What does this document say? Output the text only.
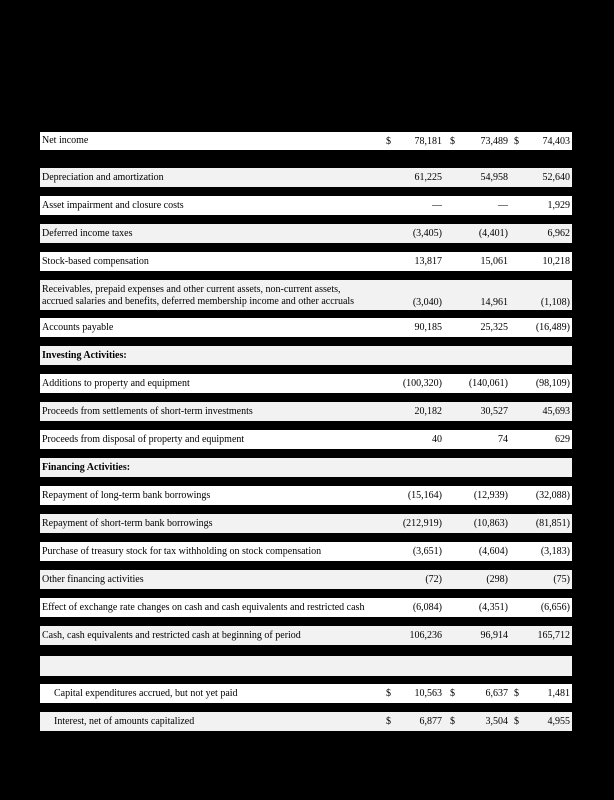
Net income	$	78,181 $	73,489 $	74,403
Depreciation and amortization	61,225	54,958	52,640
Asset impairment and closure costs	—	—	1,929
Deferred income taxes	(3,405)	(4,401)	6,962
Stock-based compensation	13,817	15,061	10,218
Receivables, prepaid expenses and other current assets, non-current assets,
accrued salaries and benefits, deferred membership income and other accruals	(3,040)	14,961	(1,108)
Accounts payable	90,185	25,325	(16,489)
Investing Activities:
Additions to property and equipment	(100,320)	(140,061)	(98,109)
Proceeds from settlements of short-term investments	20,182	30,527	45,693
Proceeds from disposal of property and equipment	40	74	629
Financing Activities:
Repayment of long-term bank borrowings	(15,164)	(12,939)	(32,088)
Repayment of short-term bank borrowings	(212,919)	(10,863)	(81,851)
Purchase of treasury stock for tax withholding on stock compensation	(3,651)	(4,604)	(3,183)
Other financing activities	(72)	(298)	(75)
Effect of exchange rate changes on cash and cash equivalents and restricted cash	(6,084)	(4,351)	(6,656)
Cash, cash equivalents and restricted cash at beginning of period	106,236	96,914	165,712
Capital expenditures accrued, but not yet paid	$	10,563 $	6,637 $	1,481
Interest, net of amounts capitalized	$	6,877 $	3,504 $	4,955
